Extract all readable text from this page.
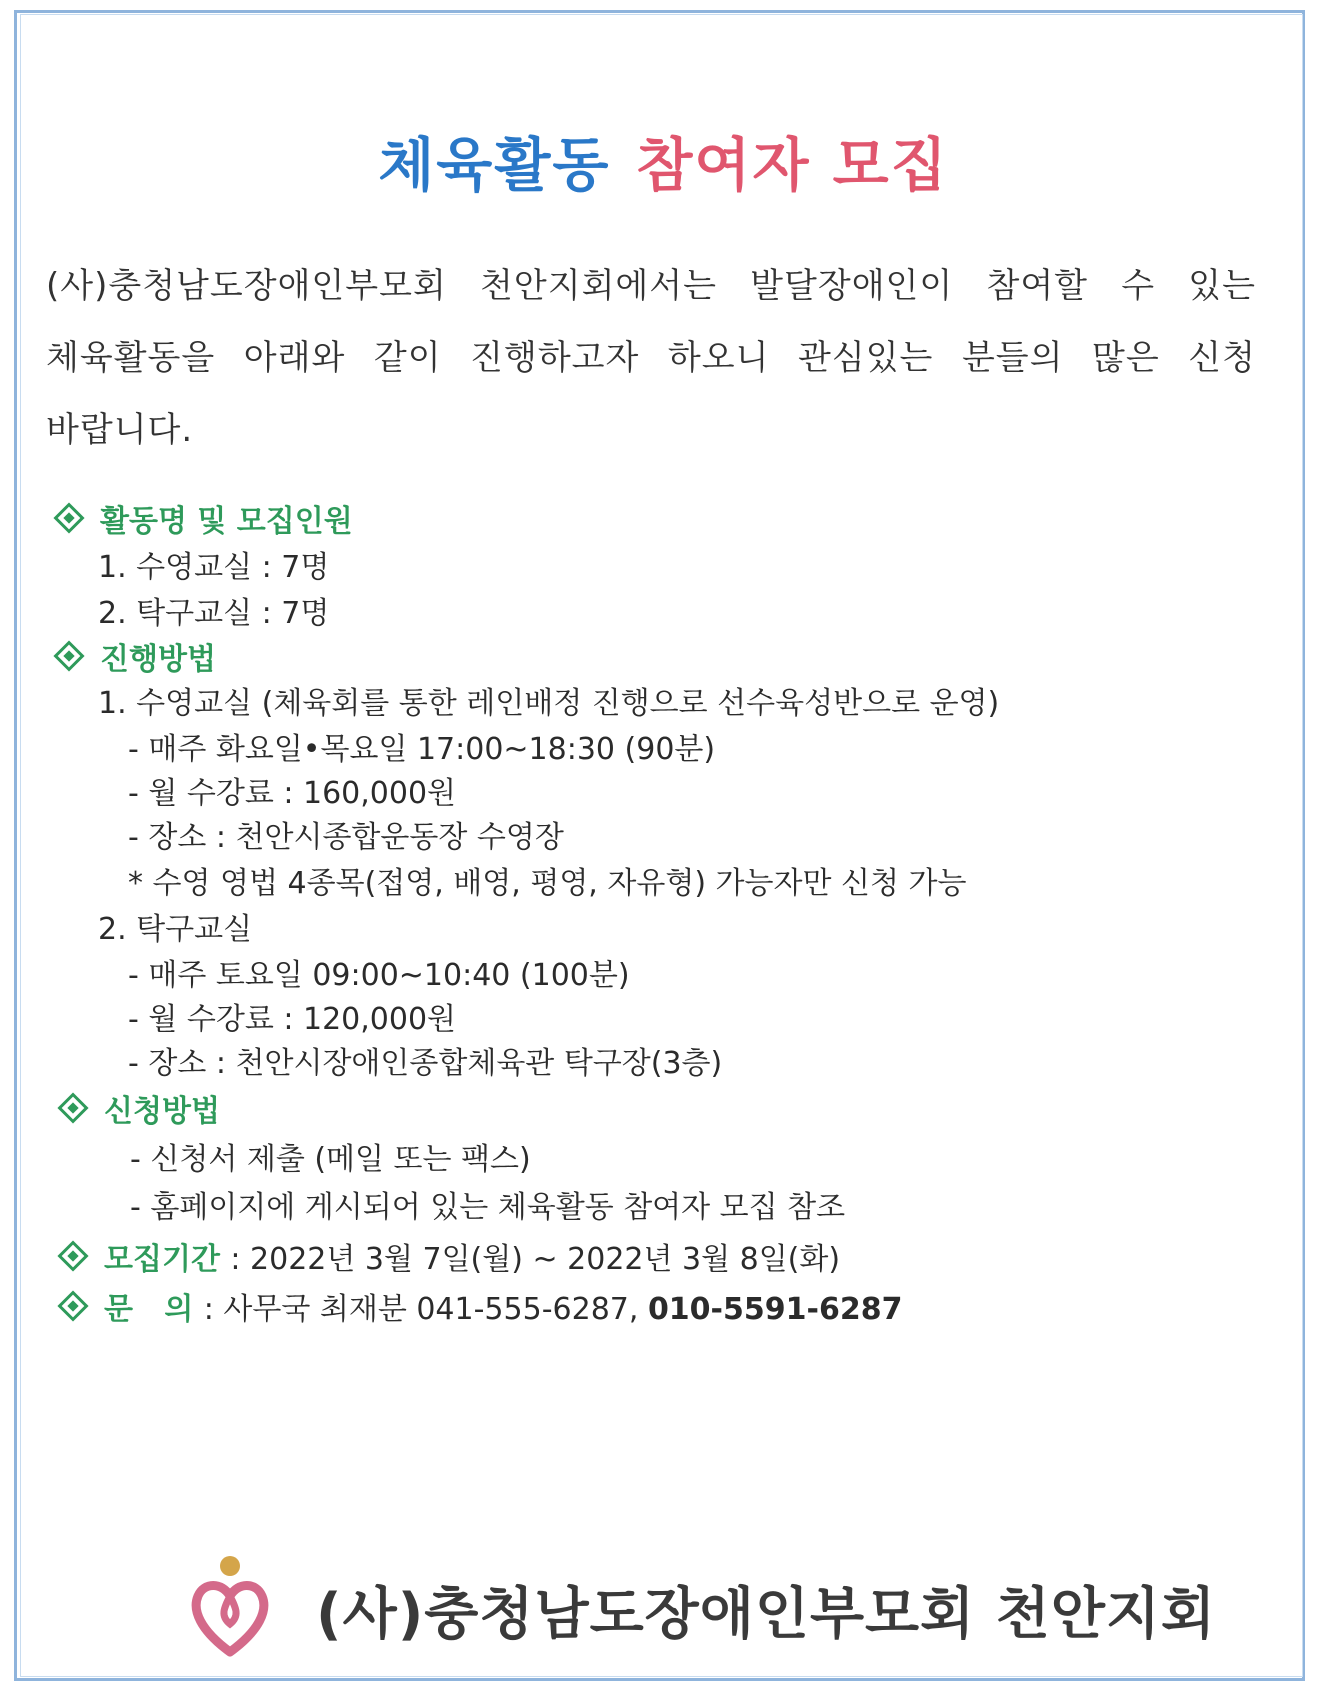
체육활동 참여자 모집
(사)충청남도장애인부모회 천안지회에서는 발달장애인이 참여할 수 있는 체육활동을 아래와 같이 진행하고자 하오니 관심있는 분들의 많은 신청 바랍니다.
활동명 및 모집인원
1. 수영교실 : 7명
2. 탁구교실 : 7명
진행방법
1. 수영교실 (체육회를 통한 레인배정 진행으로 선수육성반으로 운영)
- 매주 화요일•목요일 17:00~18:30 (90분)
- 월 수강료 : 160,000원
- 장소 : 천안시종합운동장 수영장
* 수영 영법 4종목(접영, 배영, 평영, 자유형) 가능자만 신청 가능
2. 탁구교실
- 매주 토요일 09:00~10:40 (100분)
- 월 수강료 : 120,000원
- 장소 : 천안시장애인종합체육관 탁구장(3층)
신청방법
- 신청서 제출 (메일 또는 팩스)
- 홈페이지에 게시되어 있는 체육활동 참여자 모집 참조
모집기간 : 2022년 3월 7일(월) ~ 2022년 3월 8일(화)
문   의 : 사무국 최재분 041-555-6287, 010-5591-6287
(사)충청남도장애인부모회 천안지회
